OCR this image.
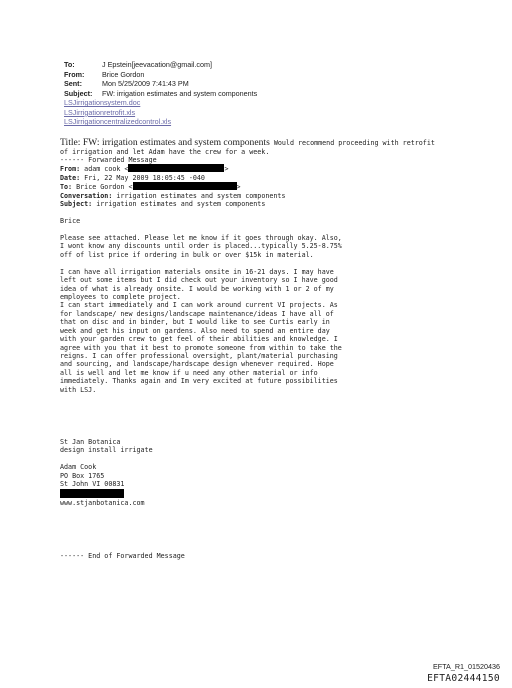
To:	J Epstein[jeevacation@gmail.com]
From:	Brice Gordon
Sent:	Mon 5/25/2009 7:41:43 PM
Subject:	FW: irrigation estimates and system components
LSJirrigationsystem.doc
LSJirrigationretrofit.xls
LSJirrigationcentralizedcontrol.xls
Title: FW: irrigation estimates and system components Would recommend proceeding with retrofit
of irrigation and let Adam have the crew for a week.
------ Forwarded Message
From: adam cook <	>
Date: Fri, 22 May 2009 18:05:45 -040
To: Brice Gordon <	>
Conversation: irrigation estimates and system components
Subject: irrigation estimates and system components
Brice
Please see attached. Please let me know if it goes through okay. Also,
I wont know any discounts until order is placed...typically 5.25-8.75%
off of list price if ordering in bulk or over $15k in material.
I can have all irrigation materials onsite in 16-21 days. I may have
left out some items but I did check out your inventory so I have good
idea of what is already onsite. I would be working with 1 or 2 of my
employees to complete project.
I can start immediately and I can work around current VI projects. As
for landscape/ new designs/landscape maintenance/ideas I have all of
that on disc and in binder, but I would like to see Curtis early in
week and get his input on gardens. Also need to spend an entire day
with your garden crew to get feel of their abilities and knowledge. I
agree with you that it best to promote someone from within to take the
reigns. I can offer professional oversight, plant/material purchasing
and sourcing, and landscape/hardscape design whenever required. Hope
all is well and let me know if u need any other material or info
immediately. Thanks again and Im very excited at future possibilities
with LSJ.
St Jan Botanica
design install irrigate
Adam Cook
PO Box 1765
St John VI 00831
www.stjanbotanica.com
------ End of Forwarded Message
EFTA_R1_01520436
EFTA02444150
